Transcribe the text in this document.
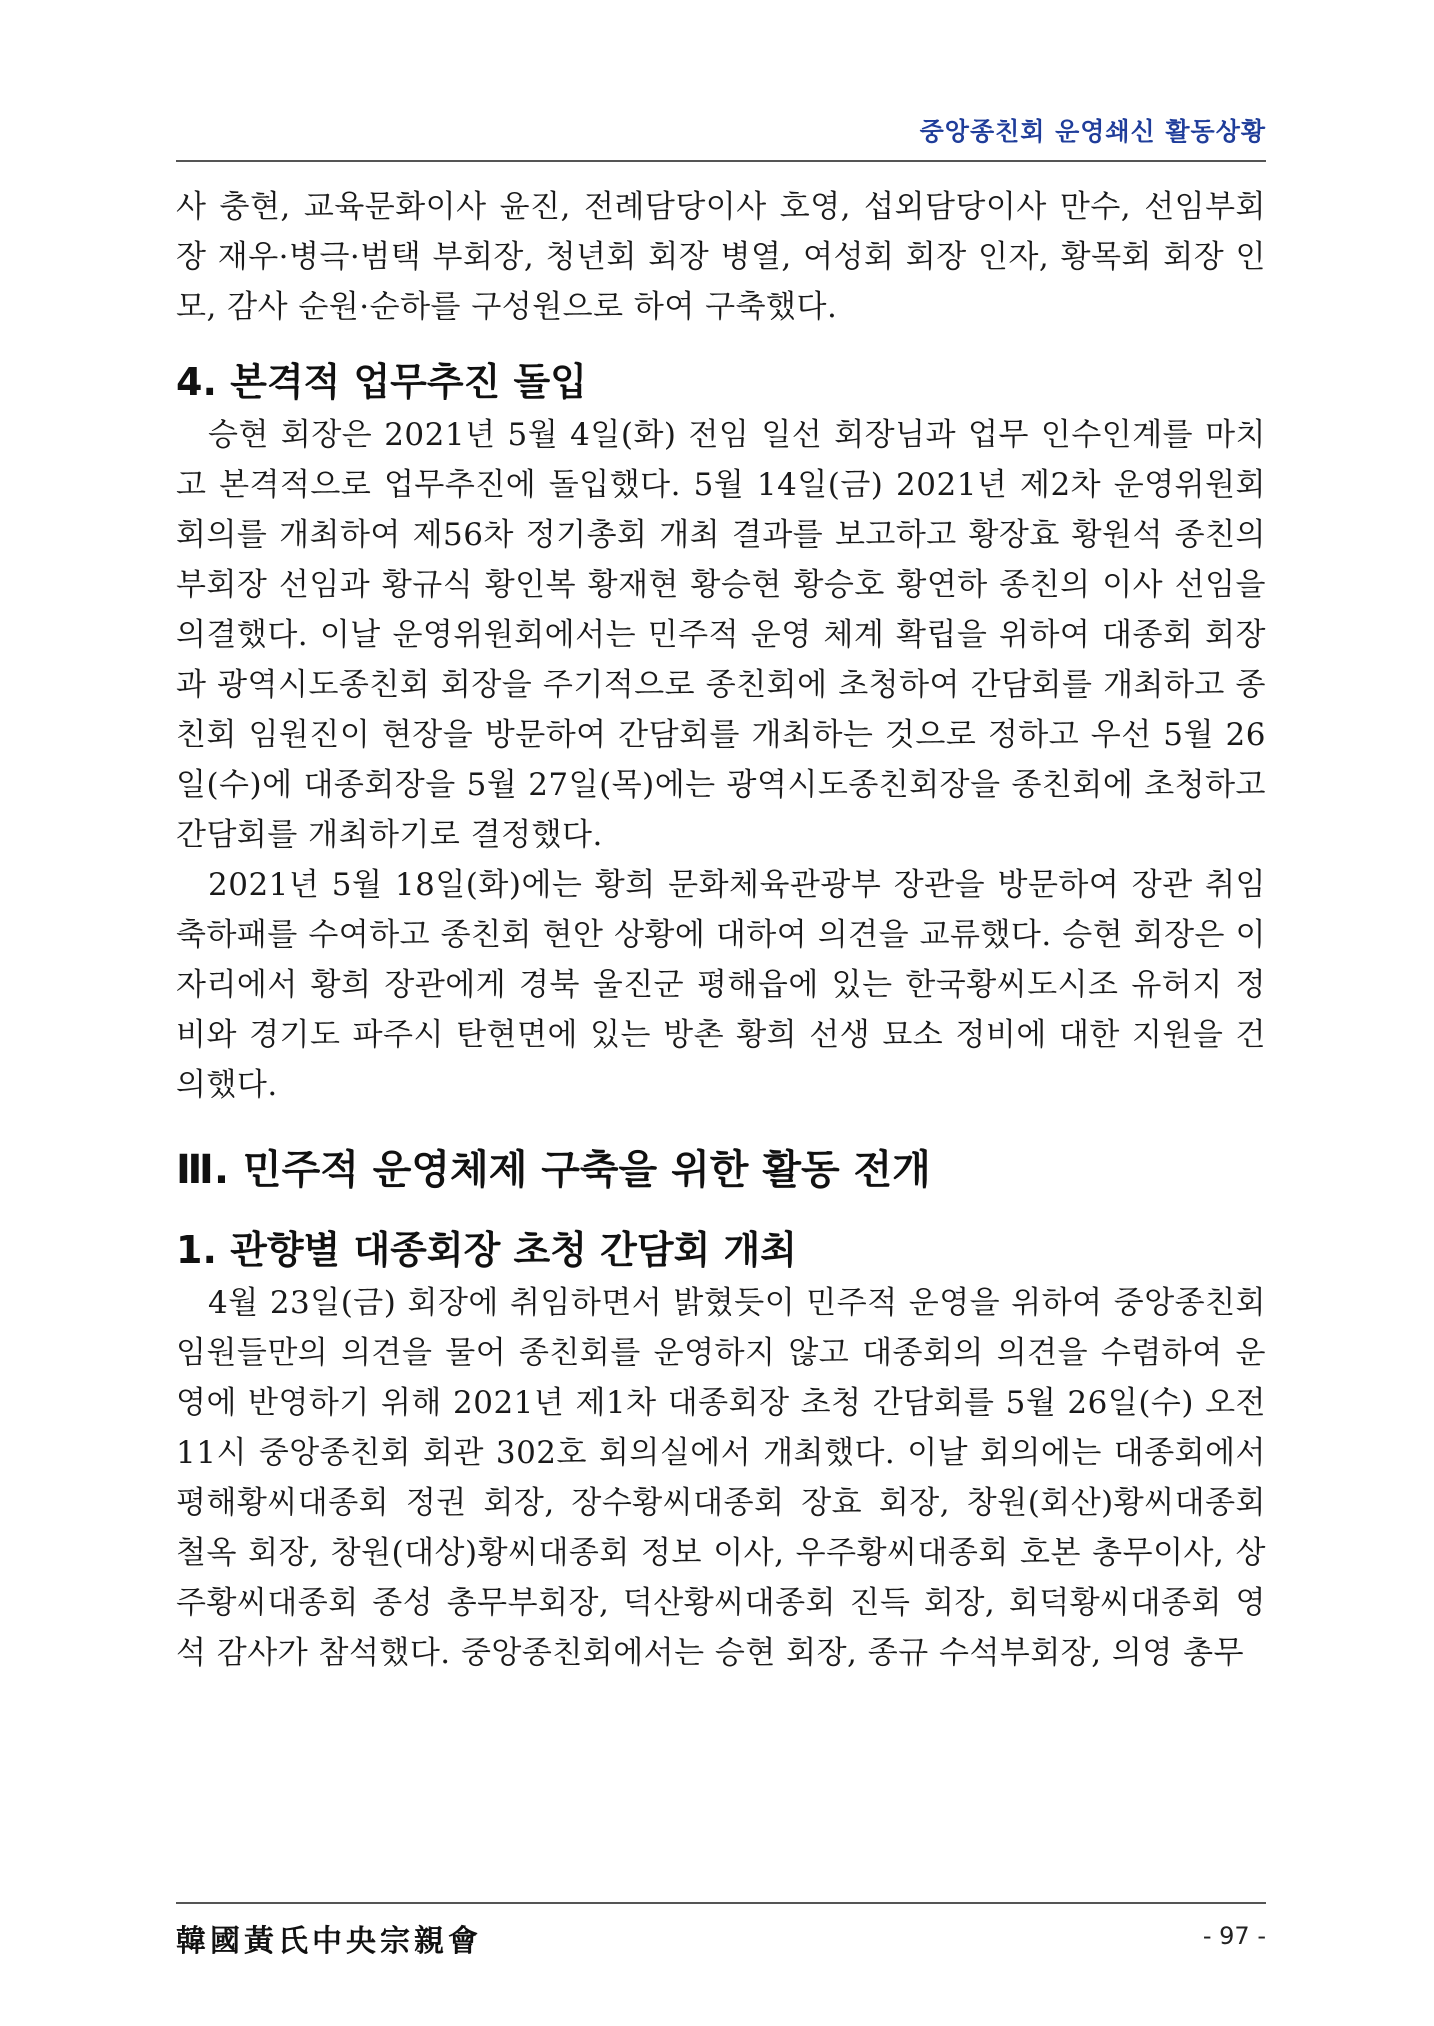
중앙종친회 운영쇄신 활동상황

사 충현, 교육문화이사 윤진, 전례담당이사 호영, 섭외담당이사 만수, 선임부회장 재우·병극·범택 부회장, 청년회 회장 병열, 여성회 회장 인자, 황목회 회장 인모, 감사 순원·순하를 구성원으로 하여 구축했다.

4. 본격적 업무추진 돌입

승현 회장은 2021년 5월 4일(화) 전임 일선 회장님과 업무 인수인계를 마치고 본격적으로 업무추진에 돌입했다. 5월 14일(금) 2021년 제2차 운영위원회 회의를 개최하여 제56차 정기총회 개최 결과를 보고하고 황장효 황원석 종친의 부회장 선임과 황규식 황인복 황재현 황승현 황승호 황연하 종친의 이사 선임을 의결했다. 이날 운영위원회에서는 민주적 운영 체계 확립을 위하여 대종회 회장과 광역시도종친회 회장을 주기적으로 종친회에 초청하여 간담회를 개최하고 종친회 임원진이 현장을 방문하여 간담회를 개최하는 것으로 정하고 우선 5월 26일(수)에 대종회장을 5월 27일(목)에는 광역시도종친회장을 종친회에 초청하고 간담회를 개최하기로 결정했다.

2021년 5월 18일(화)에는 황희 문화체육관광부 장관을 방문하여 장관 취임 축하패를 수여하고 종친회 현안 상황에 대하여 의견을 교류했다. 승현 회장은 이 자리에서 황희 장관에게 경북 울진군 평해읍에 있는 한국황씨도시조 유허지 정비와 경기도 파주시 탄현면에 있는 방촌 황희 선생 묘소 정비에 대한 지원을 건의했다.

Ⅲ. 민주적 운영체제 구축을 위한 활동 전개
1. 관향별 대종회장 초청 간담회 개최

4월 23일(금) 회장에 취임하면서 밝혔듯이 민주적 운영을 위하여 중앙종친회 임원들만의 의견을 물어 종친회를 운영하지 않고 대종회의 의견을 수렴하여 운영에 반영하기 위해 2021년 제1차 대종회장 초청 간담회를 5월 26일(수) 오전 11시 중앙종친회 회관 302호 회의실에서 개최했다. 이날 회의에는 대종회에서 평해황씨대종회 정권 회장, 장수황씨대종회 장효 회장, 창원(회산)황씨대종회 철옥 회장, 창원(대상)황씨대종회 정보 이사, 우주황씨대종회 호본 총무이사, 상주황씨대종회 종성 총무부회장, 덕산황씨대종회 진득 회장, 회덕황씨대종회 영석 감사가 참석했다. 중앙종친회에서는 승현 회장, 종규 수석부회장, 의영 총무

韓國黃氏中央宗親會	- 97 -
